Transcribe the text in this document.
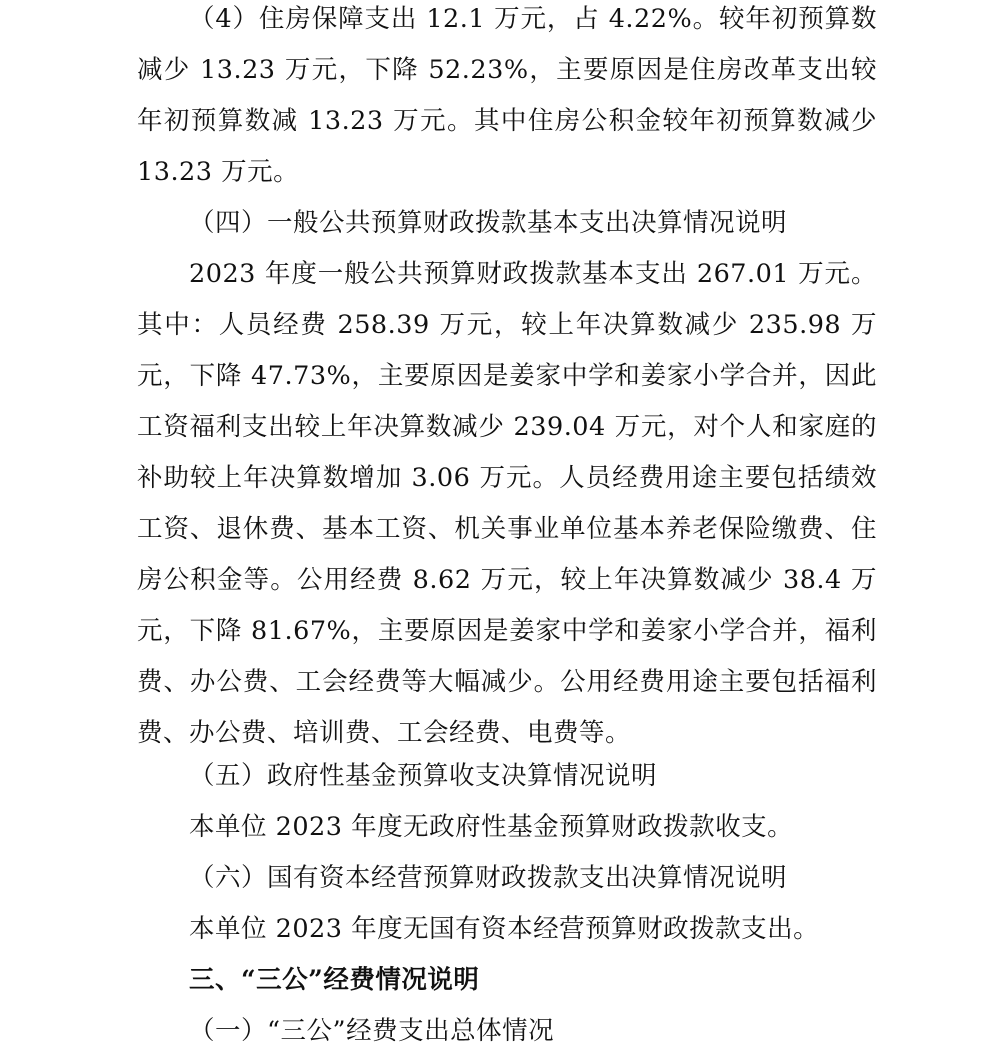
（4）住房保障支出 12.1 万元，占 4.22%。较年初预算数减少 13.23 万元，下降 52.23%，主要原因是住房改革支出较年初预算数减 13.23 万元。其中住房公积金较年初预算数减少 13.23 万元。

（四）一般公共预算财政拨款基本支出决算情况说明

2023 年度一般公共预算财政拨款基本支出 267.01 万元。其中：人员经费 258.39 万元，较上年决算数减少 235.98 万元，下降 47.73%，主要原因是姜家中学和姜家小学合并，因此工资福利支出较上年决算数减少 239.04 万元，对个人和家庭的补助较上年决算数增加 3.06 万元。人员经费用途主要包括绩效工资、退休费、基本工资、机关事业单位基本养老保险缴费、住房公积金等。公用经费 8.62 万元，较上年决算数减少 38.4 万元，下降 81.67%，主要原因是姜家中学和姜家小学合并，福利费、办公费、工会经费等大幅减少。公用经费用途主要包括福利费、办公费、培训费、工会经费、电费等。

（五）政府性基金预算收支决算情况说明

本单位 2023 年度无政府性基金预算财政拨款收支。

（六）国有资本经营预算财政拨款支出决算情况说明

本单位 2023 年度无国有资本经营预算财政拨款支出。

三、“三公”经费情况说明

（一）“三公”经费支出总体情况
